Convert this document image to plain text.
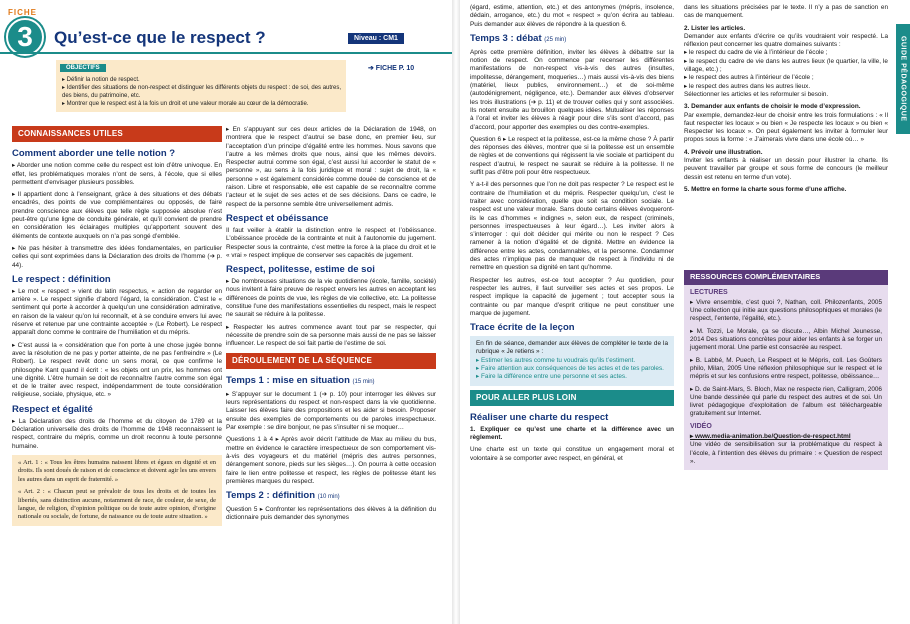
FICHE
3	Qu’est-ce que le respect ?	Niveau : CM1
OBJECTIFS
▸ Définir la notion de respect.
▸ Identifier des situations de non-respect et distinguer les différents objets du respect : de soi, des autres, des biens, du patrimoine, etc.
▸ Montrer que le respect est à la fois un droit et une valeur morale au cœur de la démocratie.
➔ FICHE P. 10
CONNAISSANCES UTILES
Comment aborder une telle notion ?
▸ Aborder une notion comme celle du respect est loin d’être univoque. En effet, les problématiques morales n’ont de sens, à l’école, que si elles permettent d’envisager plusieurs possibles.
▸ Il appartient donc à l’enseignant, grâce à des situations et des débats encadrés, des points de vue complémentaires ou opposés, de faire prendre conscience aux élèves que telle règle supposée absolue n’est peut-être qu’une ligne de conduite générale, et qu’il convient de prendre en considération les éclairages multiples qu’apportent souvent des éléments de contexte auxquels on n’a pas songé d’emblée.
▸ Ne pas hésiter à transmettre des idées fondamentales, en particulier celles qui sont exprimées dans la Déclaration des droits de l’homme (➔ p. 44).
Le respect : définition
▸ Le mot « respect » vient du latin respectus, « action de regarder en arrière ». Le respect signifie d’abord l’égard, la considération. C’est le « sentiment qui porte à accorder à quelqu’un une considération admirative, en raison de la valeur qu’on lui reconnaît, et à se conduire envers lui avec réserve et retenue par une contrainte acceptée » (Le Robert). Le respect apparaît donc comme le contraire de l’humiliation et du mépris.
▸ C’est aussi la « considération que l’on porte à une chose jugée bonne avec la résolution de ne pas y porter atteinte, de ne pas l’enfreindre » (Le Robert). Le respect revêt donc un sens moral, ce que confirme le philosophe Kant quand il écrit : « les objets ont un prix, les hommes ont une dignité. L’être humain se doit de reconnaître l’autre comme son égal et de le traiter avec respect, indépendamment de toute considération religieuse, sociale, physique, etc. »
Respect et égalité
▸ La Déclaration des droits de l’homme et du citoyen de 1789 et la Déclaration universelle des droits de l’homme de 1948 reconnaissent le respect, contraire du mépris, comme un droit reconnu à toute personne humaine.
« Art. 1 : « Tous les êtres humains naissent libres et égaux en dignité et en droits. Ils sont doués de raison et de conscience et doivent agir les uns envers les autres dans un esprit de fraternité. »
« Art. 2 : « Chacun peut se prévaloir de tous les droits et de toutes les libertés, sans distinction aucune, notamment de race, de couleur, de sexe, de langue, de religion, d’opinion politique ou de toute autre opinion, d’origine nationale ou sociale, de fortune, de naissance ou de toute autre situation. »
▸ En s’appuyant sur ces deux articles de la Déclaration de 1948, on montrera que le respect d’autrui se base donc, en premier lieu, sur l’acceptation d’un principe d’égalité entre les hommes. Nous savons que l’autre a les mêmes droits que nous, ainsi que les mêmes devoirs. Respecter autrui comme son égal, c’est aussi lui accorder le statut de « personne », au sens à la fois juridique et moral : sujet de droit, la « personne » est également considérée comme douée de conscience et de raison. Libre et responsable, elle est capable de se reconnaître comme l’acteur et le sujet de ses actes et de ses décisions. Dans ce cadre, le respect de la personne semble être universellement admis.
Respect et obéissance
Il faut veiller à établir la distinction entre le respect et l’obéissance. L’obéissance procède de la contrainte et nuit à l’autonomie du jugement. Respecter sous la contrainte, c’est mettre la force à la place du droit et le « vrai » respect implique de conserver ses capacités de jugement.
Respect, politesse, estime de soi
▸ De nombreuses situations de la vie quotidienne (école, famille, société) nous invitent à faire preuve de respect envers les autres en acceptant les différences de points de vue, les règles de vie collective, etc. La politesse constitue l’une des manifestations essentielles du respect, mais le respect ne saurait se réduire à la politesse.
▸ Respecter les autres commence avant tout par se respecter, qui nécessite de prendre soin de sa personne mais aussi de ne pas se laisser influencer. Le respect de soi fait partie de l’estime de soi.
DÉROULEMENT DE LA SÉQUENCE
Temps 1 : mise en situation (15 min)
▸ S’appuyer sur le document 1 (➔ p. 10) pour interroger les élèves sur leurs représentations du respect et non-respect dans la vie quotidienne. Laisser les élèves faire des propositions et les aider si besoin. Proposer ensuite des exemples de comportements ou de paroles irrespectueux. Par exemple : se dire bonjour, ne pas s’insulter ni se moquer…
Questions 1 à 4 ▸ Après avoir décrit l’attitude de Max au milieu du bus, mettre en évidence le caractère irrespectueux de son comportement vis-à-vis des voyageurs et du matériel (mépris des autres personnes, dérangement sonore, pieds sur les sièges…). On pourra à cette occasion faire le lien entre politesse et respect, les règles de politesse étant les premières marques du respect.
Temps 2 : définition (10 min)
Question 5 ▸ Confronter les représentations des élèves à la définition du dictionnaire puis demander des synonymes
(égard, estime, attention, etc.) et des antonymes (mépris, insolence, dédain, arrogance, etc.) du mot « respect » qu’on écrira au tableau. Puis demander aux élèves de répondre à la question 6.
Temps 3 : débat (25 min)
Après cette première définition, inviter les élèves à débattre sur la notion de respect. On commence par recenser les différentes manifestations de non-respect vis-à-vis des autres (insultes, impolitesse, dérangement, moqueries…) mais aussi vis-à-vis des biens (matériel, lieux publics, environnement…) et de soi-même (autodénigrement, négligence, etc.). Demander aux élèves d’observer les trois illustrations (➔ p. 11) et de trouver celles qui y sont associées. Ils notent ensuite au brouillon quelques idées. Mutualiser les réponses à l’oral et inviter les élèves à réagir pour dire s’ils sont d’accord, pas d’accord, pour apporter des exemples ou des contre-exemples.
Question 6 ▸ Le respect et la politesse, est-ce la même chose ? À partir des réponses des élèves, montrer que si la politesse est un ensemble de règles et de conventions qui régissent la vie sociale et participent du respect d’autrui, le respect ne saurait se réduire à la politesse. Il ne suffit pas d’être poli pour être respectueux.
Y a-t-il des personnes que l’on ne doit pas respecter ? Le respect est le contraire de l’humiliation et du mépris. Respecter quelqu’un, c’est le traiter avec considération, quelle que soit sa condition sociale. Le respect est une valeur morale. Sans doute certains élèves évoqueront-ils le cas d’hommes « indignes », selon eux, de respect (criminels, personnes irrespectueuses à leur égard…). Les inviter alors à s’interroger : qui doit décider qui mérite ou non le respect ? Ces ramener à la notion d’égalité et de dignité. Mettre en évidence la différence entre les actes, condamnables, et la personne. Condamner des actes n’implique pas de manquer de respect à l’individu ni de remettre en question sa dignité en tant qu’homme.
Respecter les autres, est-ce tout accepter ? Au quotidien, pour respecter les autres, il faut surveiller ses actes et ses propos. Le respect implique la capacité de jugement ; tout accepter sous la contrainte ou par manque d’esprit critique ne peut constituer une marque de jugement.
Trace écrite de la leçon
En fin de séance, demander aux élèves de compléter le texte de la rubrique « Je retiens » :
▸ Estimer les autres comme tu voudrais qu’ils t’estiment.
▸ Faire attention aux conséquences de tes actes et de tes paroles.
▸ Faire la différence entre une personne et ses actes.
POUR ALLER PLUS LOIN
Réaliser une charte du respect
1. Expliquer ce qu’est une charte et la différence avec un règlement.
Une charte est un texte qui constitue un engagement moral et volontaire à se comporter avec respect, en général, et
dans les situations précisées par le texte. Il n’y a pas de sanction en cas de manquement.
2. Lister les articles.
Demander aux enfants d’écrire ce qu’ils voudraient voir respecté. La réflexion peut concerner les quatre domaines suivants :
▸ le respect du cadre de vie à l’intérieur de l’école ;
▸ le respect du cadre de vie dans les autres lieux (le quartier, la ville, le village, etc.) ;
▸ le respect des autres à l’intérieur de l’école ;
▸ le respect des autres dans les autres lieux.
Sélectionner les articles et les reformuler si besoin.
3. Demander aux enfants de choisir le mode d’expression.
Par exemple, demandez-leur de choisir entre les trois formulations : « Il faut respecter les locaux » ou bien « Je respecte les locaux » ou bien « Respecter les locaux ». On peut également les inviter à formuler leur propos sous la forme : « J’aimerais vivre dans une école où… »
4. Prévoir une illustration.
Inviter les enfants à réaliser un dessin pour illustrer la charte. Ils peuvent travailler par groupe et sous forme de concours (le meilleur dessin est retenu en terme d’un vote).
5. Mettre en forme la charte sous forme d’une affiche.
RESSOURCES COMPLÉMENTAIRES
LECTURES
▸ Vivre ensemble, c’est quoi ?, Nathan, coll. Philozenfants, 2005 Une collection qui initie aux questions philosophiques et morales (le respect, l’entente, l’égalité, etc.).
▸ M. Tozzi, Le Morale, ça se discute…, Albin Michel Jeunesse, 2014 Des situations concrètes pour aider les enfants à se forger un jugement moral. Une partie est consacrée au respect.
▸ B. Labbé, M. Puech, Le Respect et le Mépris, coll. Les Goûters philo, Milan, 2005 Une réflexion philosophique sur le respect et le mépris et sur les confusions entre respect, politesse, obéissance…
▸ D. de Saint-Mars, S. Bloch, Max ne respecte rien, Calligram, 2006 Une bande dessinée qui parle du respect des autres et de soi. Un livret pédagogique d’exploitation de l’album est téléchargeable gratuitement sur Internet.
VIDÉO
▸ www.media-animation.be/Question-de-respect.html
Une vidéo de sensibilisation sur la problématique du respect à l’école, à l’intention des élèves du primaire : « Question de respect ».
GUIDE PÉDAGOGIQUE
